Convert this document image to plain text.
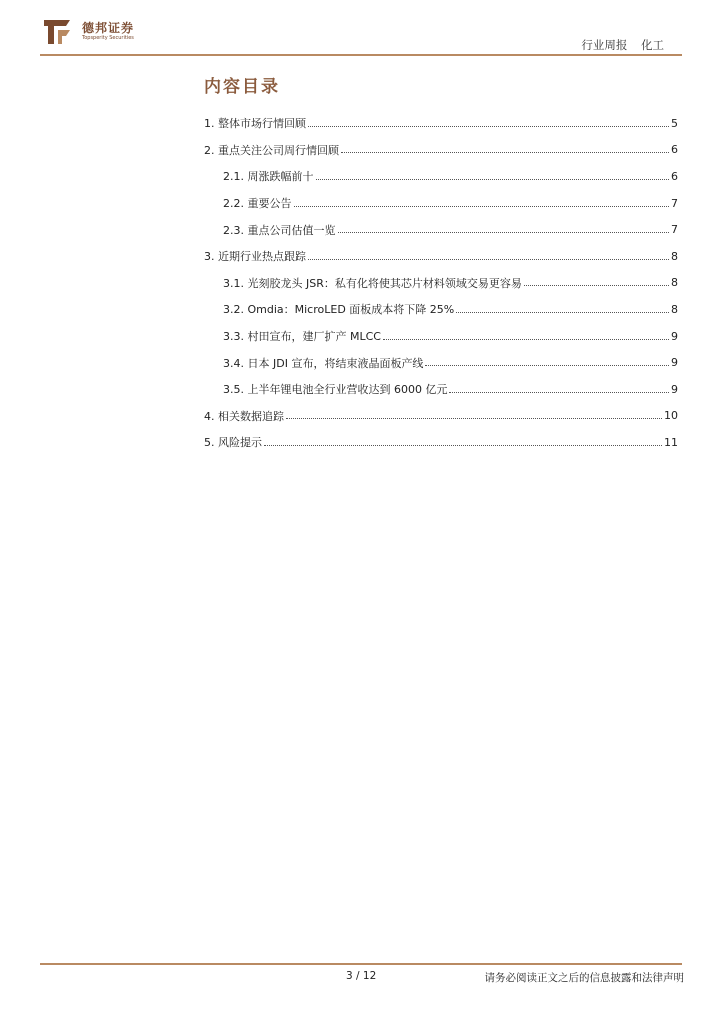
德邦证券
Topsperity Securities	行业周报 化工
内容目录
1. 整体市场行情回顾	5
2. 重点关注公司周行情回顾	6
2.1. 周涨跌幅前十	6
2.2. 重要公告	7
2.3. 重点公司估值一览	7
3. 近期行业热点跟踪	8
3.1. 光刻胶龙头 JSR：私有化将使其芯片材料领域交易更容易	8
3.2. Omdia：MicroLED 面板成本将下降 25%	8
3.3. 村田宣布，建厂扩产 MLCC	9
3.4. 日本 JDI 宣布，将结束液晶面板产线	9
3.5. 上半年锂电池全行业营收达到 6000 亿元	9
4. 相关数据追踪	10
5. 风险提示	11
3 / 12	请务必阅读正文之后的信息披露和法律声明
